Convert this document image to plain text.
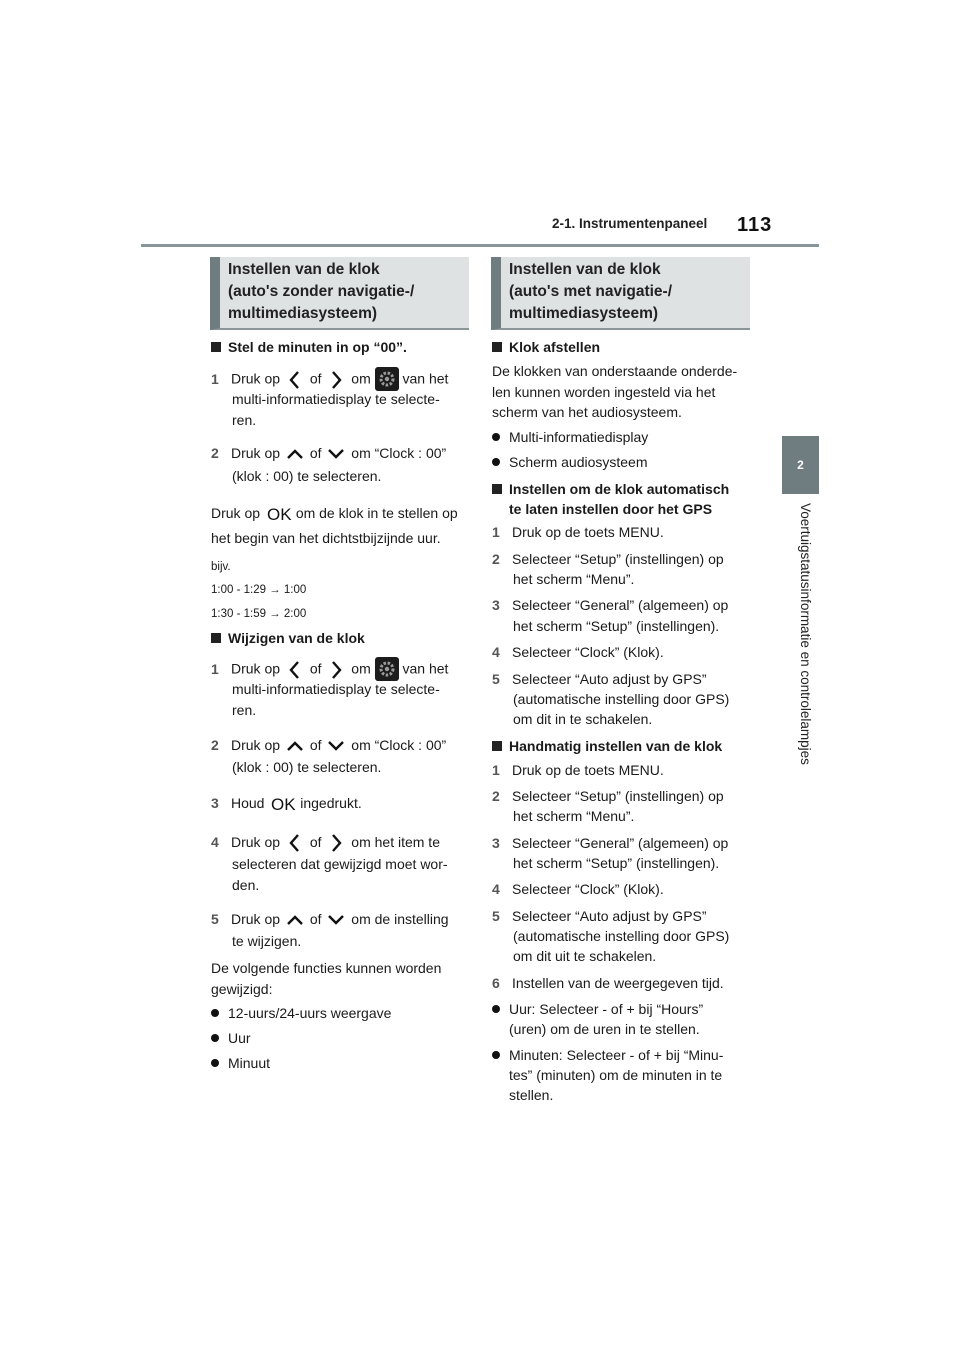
2-1. Instrumentenpaneel 113
2
Voertuigstatusinformatie en controlelampjes
Instellen van de klok
(auto's zonder navigatie-/
multimediasysteem)
Instellen van de klok
(auto's met navigatie-/
multimediasysteem)
Stel de minuten in op “00”.
1 Druk op of om van het
multi-informatiedisplay te selecte-
ren.
2 Druk op of om “Clock : 00”
(klok : 00) te selecteren.
Druk op OK om de klok in te stellen op
het begin van het dichtstbijzijnde uur.
bijv.
1:00 - 1:29 → 1:00
1:30 - 1:59 → 2:00
Wijzigen van de klok
1 Druk op of om van het
multi-informatiedisplay te selecte-
ren.
2 Druk op of om “Clock : 00”
(klok : 00) te selecteren.
3 Houd OK ingedrukt.
4 Druk op of om het item te
selecteren dat gewijzigd moet wor-
den.
5 Druk op of om de instelling
te wijzigen.
De volgende functies kunnen worden
gewijzigd:
12-uurs/24-uurs weergave
Uur
Minuut
Klok afstellen
De klokken van onderstaande onderde-
len kunnen worden ingesteld via het
scherm van het audiosysteem.
Multi-informatiedisplay
Scherm audiosysteem
Instellen om de klok automatisch
te laten instellen door het GPS
1 Druk op de toets MENU.
2 Selecteer “Setup” (instellingen) op
het scherm “Menu”.
3 Selecteer “General” (algemeen) op
het scherm “Setup” (instellingen).
4 Selecteer “Clock” (Klok).
5 Selecteer “Auto adjust by GPS”
(automatische instelling door GPS)
om dit in te schakelen.
Handmatig instellen van de klok
1 Druk op de toets MENU.
2 Selecteer “Setup” (instellingen) op
het scherm “Menu”.
3 Selecteer “General” (algemeen) op
het scherm “Setup” (instellingen).
4 Selecteer “Clock” (Klok).
5 Selecteer “Auto adjust by GPS”
(automatische instelling door GPS)
om dit uit te schakelen.
6 Instellen van de weergegeven tijd.
Uur: Selecteer - of + bij “Hours”
(uren) om de uren in te stellen.
Minuten: Selecteer - of + bij “Minu-
tes” (minuten) om de minuten in te
stellen.
